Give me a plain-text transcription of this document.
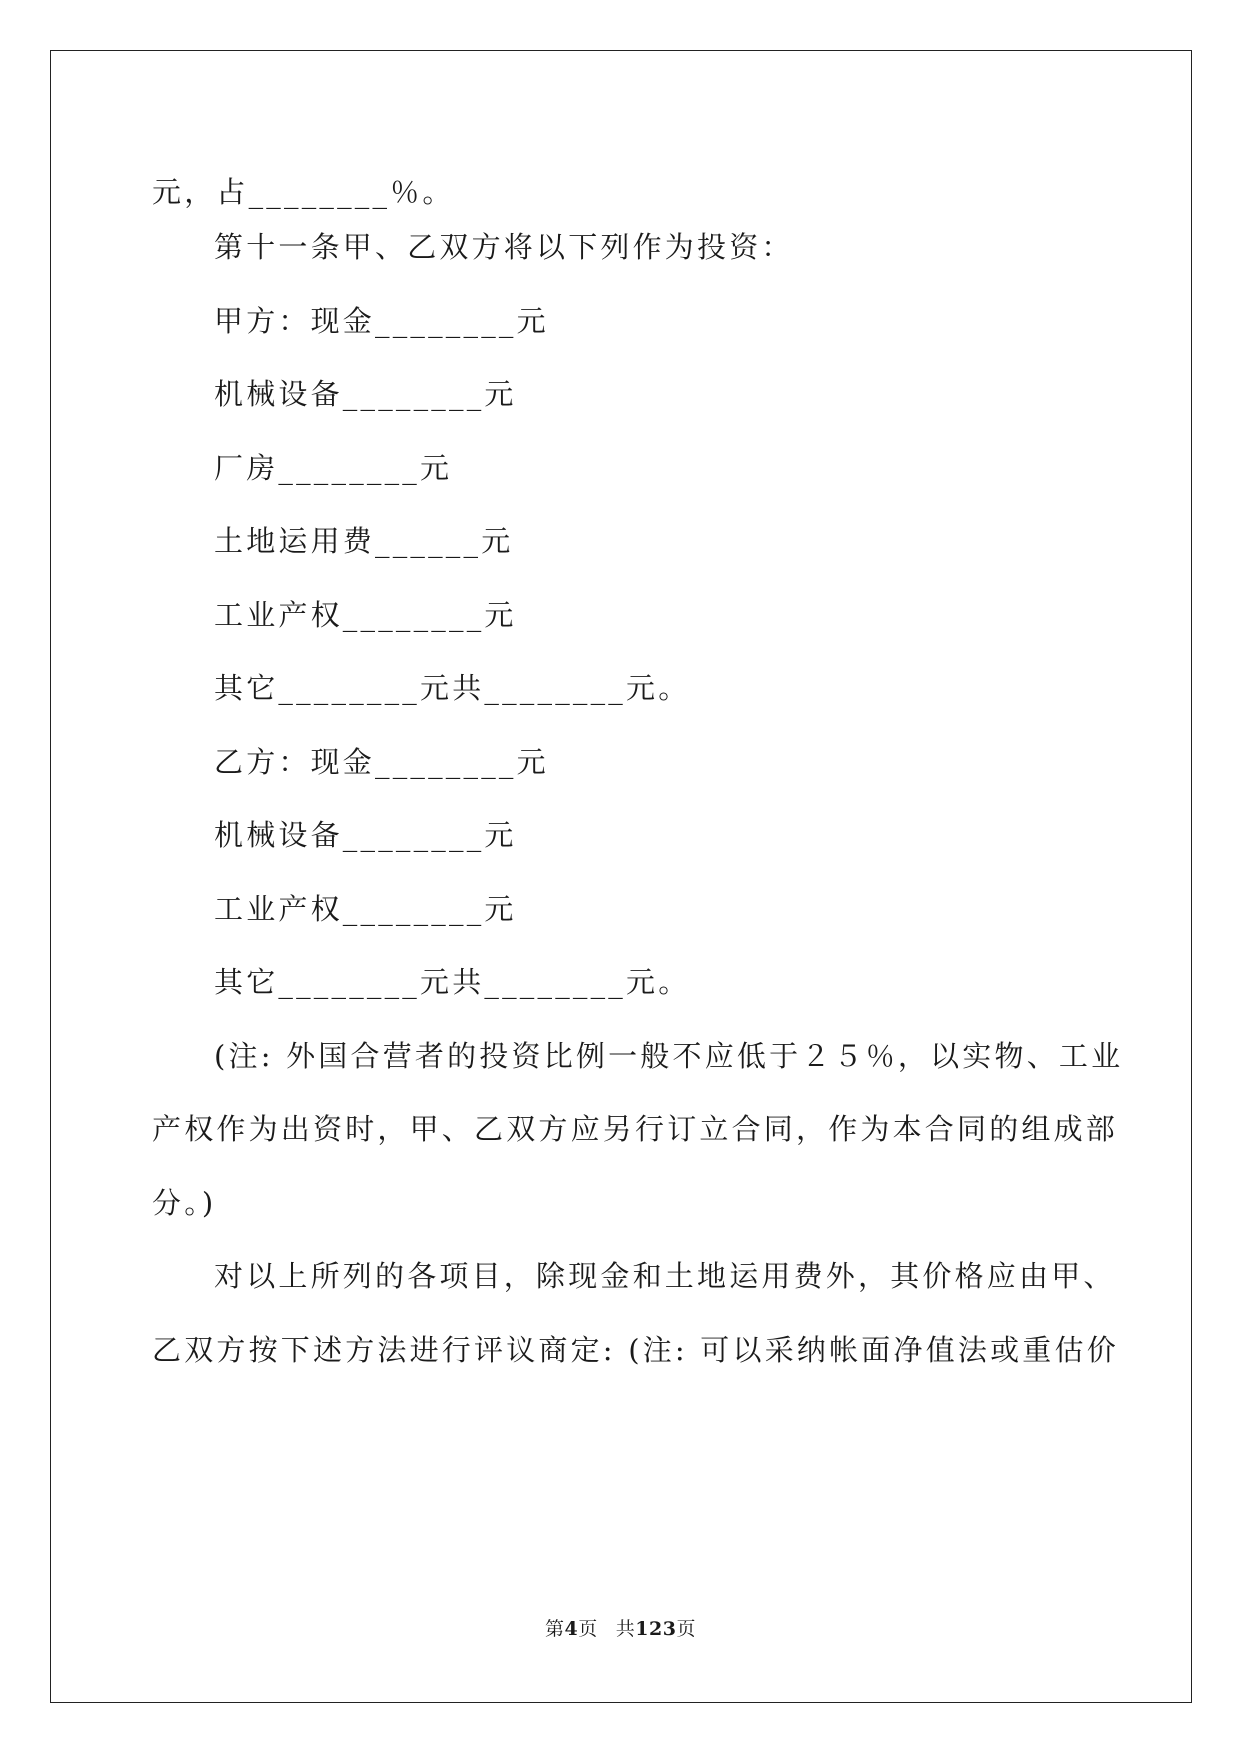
元，占________％。
第十一条甲、乙双方将以下列作为投资：
甲方：现金________元
机械设备________元
厂房________元
土地运用费______元
工业产权________元
其它________元共________元。
乙方：现金________元
机械设备________元
工业产权________元
其它________元共________元。
(注: 外国合营者的投资比例一般不应低于２５％，以实物、工业
产权作为出资时，甲、乙双方应另行订立合同，作为本合同的组成部
分。)
对以上所列的各项目，除现金和土地运用费外，其价格应由甲、
乙双方按下述方法进行评议商定: (注: 可以采纳帐面净值法或重估价
第4页 共123页
